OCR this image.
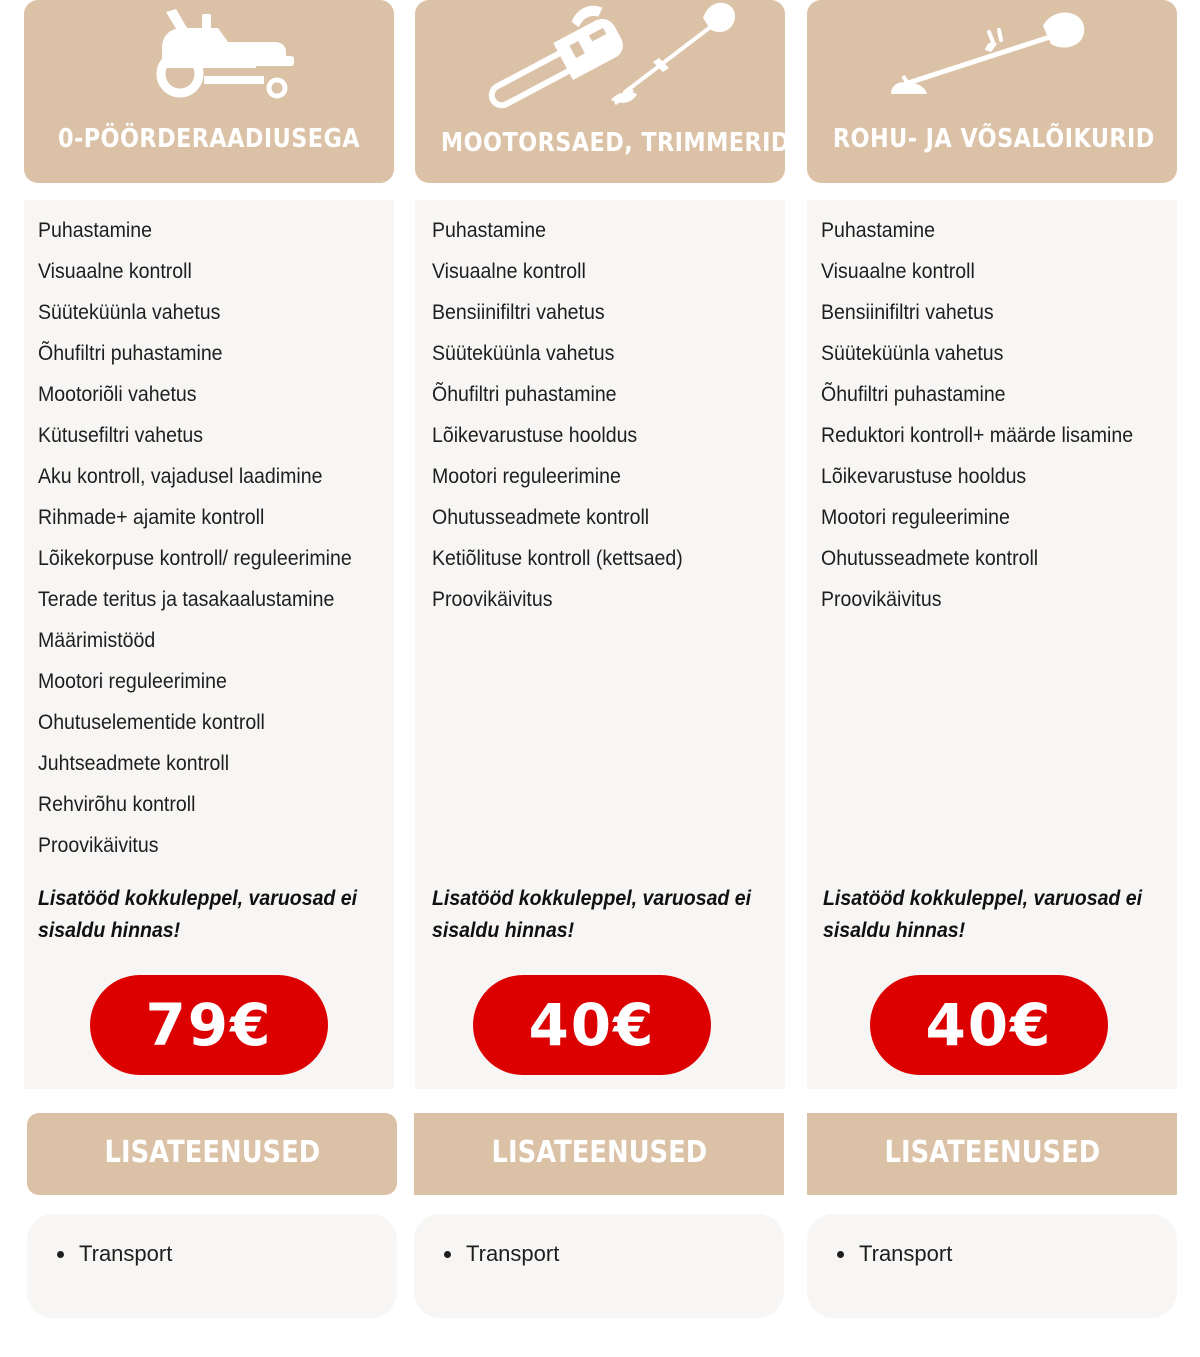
0-PÖÖRDERAADIUSEGA
Puhastamine
Visuaalne kontroll
Süüteküünla vahetus
Õhufiltri puhastamine
Mootoriõli vahetus
Kütusefiltri vahetus
Aku kontroll, vajadusel laadimine
Rihmade+ ajamite kontroll
Lõikekorpuse kontroll/ reguleerimine
Terade teritus ja tasakaalustamine
Määrimistööd
Mootori reguleerimine
Ohutuselementide kontroll
Juhtseadmete kontroll
Rehvirõhu kontroll
Proovikäivitus
Lisatööd kokkuleppel, varuosad ei sisaldu hinnas!
79€
LISATEENUSED
Transport
MOOTORSAED, TRIMMERID
Puhastamine
Visuaalne kontroll
Bensiinifiltri vahetus
Süüteküünla vahetus
Õhufiltri puhastamine
Lõikevarustuse hooldus
Mootori reguleerimine
Ohutusseadmete kontroll
Ketiõlituse kontroll (kettsaed)
Proovikäivitus
Lisatööd kokkuleppel, varuosad ei sisaldu hinnas!
40€
LISATEENUSED
Transport
ROHU- JA VÕSALÕIKURID
Puhastamine
Visuaalne kontroll
Bensiinifiltri vahetus
Süüteküünla vahetus
Õhufiltri puhastamine
Reduktori kontroll+ määrde lisamine
Lõikevarustuse hooldus
Mootori reguleerimine
Ohutusseadmete kontroll
Proovikäivitus
Lisatööd kokkuleppel, varuosad ei sisaldu hinnas!
40€
LISATEENUSED
Transport
